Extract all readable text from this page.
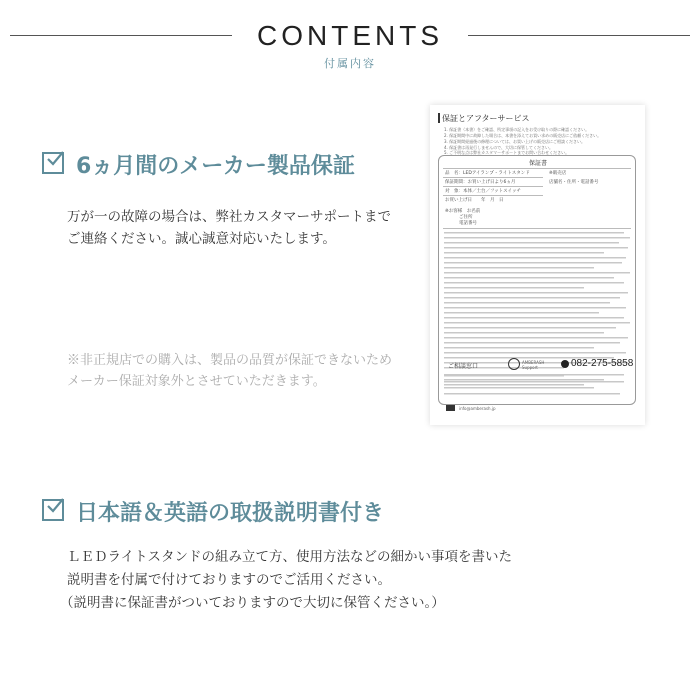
CONTENTS
付属内容
6ヵ月間のメーカー製品保証
万が一の故障の場合は、弊社カスタマーサポートまで
ご連絡ください。誠心誠意対応いたします。
※非正規店での購入は、製品の品質が保証できないため
メーカー保証対象外とさせていただきます。
日本語＆英語の取扱説明書付き
ＬＥＤライトスタンドの組み立て方、使用方法などの細かい事項を書いた
説明書を付属で付けておりますのでご活用ください。
（説明書に保証書がついておりますので大切に保管ください。）
保証とアフターサービス
1. 保証書（本書）をご確認、所定事項の記入をお受け取りの際に確認ください。
2. 保証期間中に故障した場合は、本書を添えてお買い求めの販売店にご依頼ください。
3. 保証期間経過後の修理については、お買い上げの販売店にご相談ください。
4. 保証書は再発行しませんので、大切に保管してください。
5. ご不明な点は弊社カスタマーサポートまでお問い合わせください。
保証書
品　名：LEDアイランプ・ライトスタンド
保証期間：お買い上げ日より6ヵ月
対　象：本体／土台／フットスイッチ
お買い上げ日　　年　月　日
※販売店
店舗名・住所・電話番号
※お客様　お名前
ご住所
電話番号
ご相談窓口
AMBERASH Support	082-275-5858
info@amberash.jp
